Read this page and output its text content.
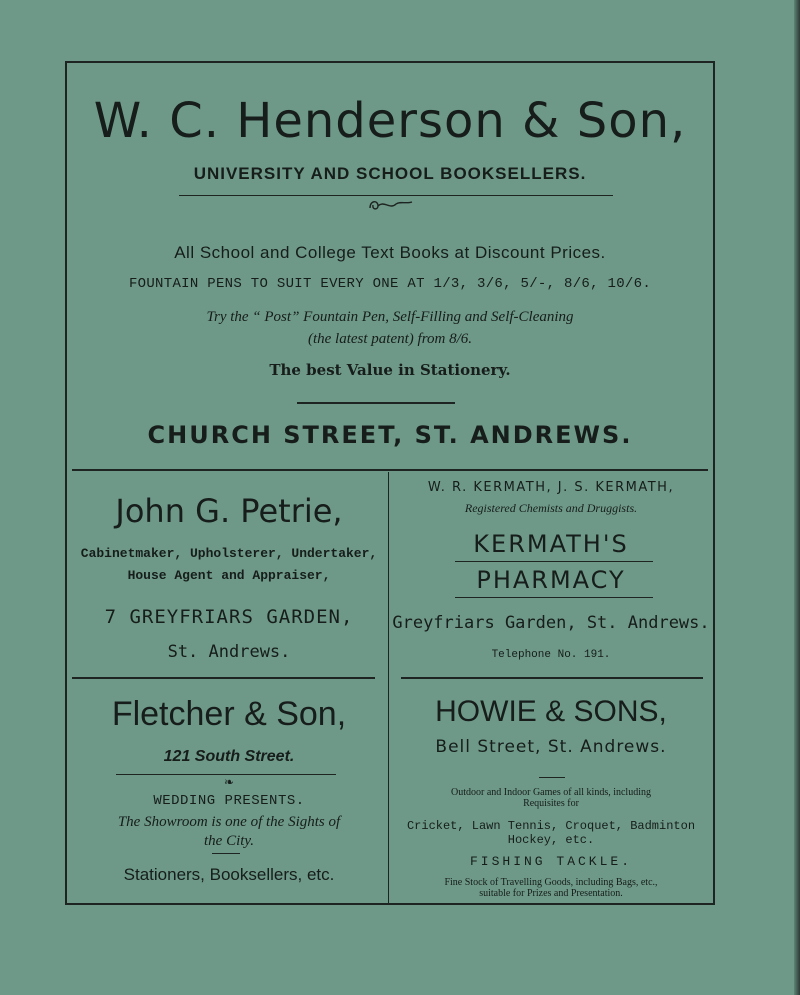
W. C. Henderson & Son,
UNIVERSITY AND SCHOOL BOOKSELLERS.
All School and College Text Books at Discount Prices.
FOUNTAIN PENS TO SUIT EVERY ONE AT 1/3, 3/6, 5/-, 8/6, 10/6.
Try the “ Post” Fountain Pen, Self-Filling and Self-Cleaning
(the latest patent) from 8/6.
The best Value in Stationery.
CHURCH STREET, ST. ANDREWS.
John G. Petrie,
Cabinetmaker, Upholsterer, Undertaker,
House Agent and Appraiser,
7 GREYFRIARS GARDEN,
St. Andrews.
W. R. KERMATH, J. S. KERMATH,
Registered Chemists and Druggists.
KERMATH'S
PHARMACY
Greyfriars Garden, St. Andrews.
Telephone No. 191.
Fletcher & Son,
121 South Street.
❧
WEDDING PRESENTS.
The Showroom is one of the Sights of
the City.
Stationers, Booksellers, etc.
HOWIE & SONS,
Bell Street, St. Andrews.
Outdoor and Indoor Games of all kinds, including
Requisites for
Cricket, Lawn Tennis, Croquet, Badminton
Hockey, etc.
FISHING TACKLE.
Fine Stock of Travelling Goods, including Bags, etc.,
suitable for Prizes and Presentation.
